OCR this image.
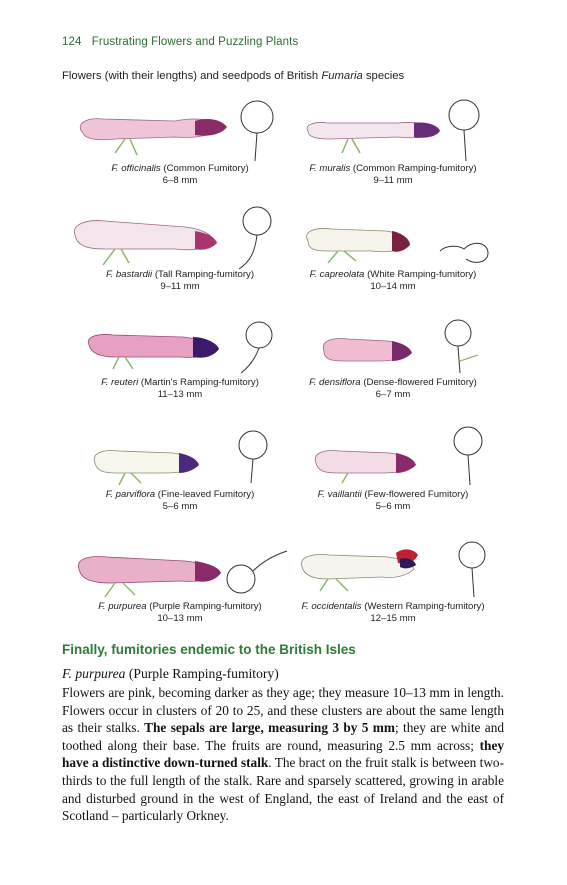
124 Frustrating Flowers and Puzzling Plants
Flowers (with their lengths) and seedpods of British Fumaria species
F. officinalis (Common Fumitory)
6–8 mm
F. muralis (Common Ramping-fumitory)
9–11 mm
F. bastardii (Tall Ramping-fumitory)
9–11 mm
F. capreolata (White Ramping-fumitory)
10–14 mm
F. reuteri (Martin's Ramping-fumitory)
11–13 mm
F. densiflora (Dense-flowered Fumitory)
6–7 mm
F. parviflora (Fine-leaved Fumitory)
5–6 mm
F. vaillantii (Few-flowered Fumitory)
5–6 mm
F. purpurea (Purple Ramping-fumitory)
10–13 mm
F. occidentalis (Western Ramping-fumitory)
12–15 mm
Finally, fumitories endemic to the British Isles
F. purpurea (Purple Ramping-fumitory)
Flowers are pink, becoming darker as they age; they measure 10–13 mm in length. Flowers occur in clusters of 20 to 25, and these clusters are about the same length as their stalks. The sepals are large, measuring 3 by 5 mm; they are white and toothed along their base. The fruits are round, measuring 2.5 mm across; they have a distinctive down-turned stalk. The bract on the fruit stalk is between two-thirds to the full length of the stalk. Rare and sparsely scattered, growing in arable and disturbed ground in the west of England, the east of Ireland and the east of Scotland – particularly Orkney.
